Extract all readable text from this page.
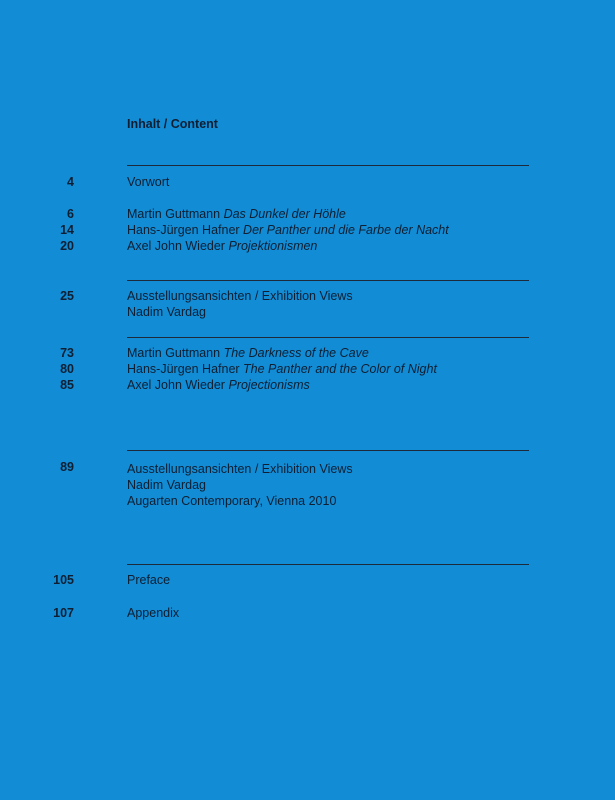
Inhalt / Content
4	Vorwort
6	Martin Guttmann Das Dunkel der Höhle
14	Hans-Jürgen Hafner Der Panther und die Farbe der Nacht
20	Axel John Wieder Projektionismen
25	Ausstellungsansichten / Exhibition Views
Nadim Vardag
73	Martin Guttmann The Darkness of the Cave
80	Hans-Jürgen Hafner The Panther and the Color of Night
85	Axel John Wieder Projectionisms
89	Ausstellungsansichten / Exhibition Views
Nadim Vardag
Augarten Contemporary, Vienna 2010
105	Preface
107	Appendix
